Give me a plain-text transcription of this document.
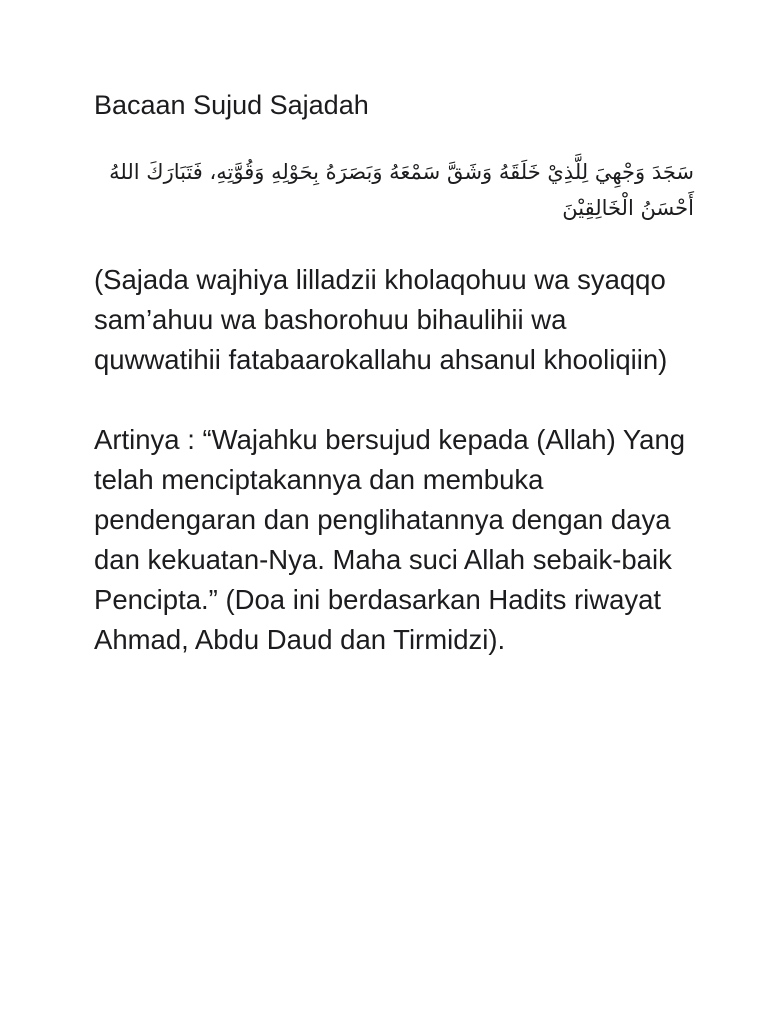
Bacaan Sujud Sajadah
سَجَدَ وَجْهِيَ لِلَّذِيْ خَلَقَهُ وَشَقَّ سَمْعَهُ وَبَصَرَهُ بِحَوْلِهِ وَقُوَّتِهِ، فَتَبَارَكَ اللهُ أَحْسَنُ الْخَالِقِيْنَ

(Sajada wajhiya lilladzii kholaqohuu wa syaqqo sam’ahuu wa bashorohuu bihaulihii wa quwwatihii fatabaarokallahu ahsanul khooliqiin)

Artinya : “Wajahku bersujud kepada (Allah) Yang telah menciptakannya dan membuka pendengaran dan penglihatannya dengan daya dan kekuatan-Nya. Maha suci Allah sebaik-baik Pencipta.” (Doa ini berdasarkan Hadits riwayat Ahmad, Abdu Daud dan Tirmidzi).
